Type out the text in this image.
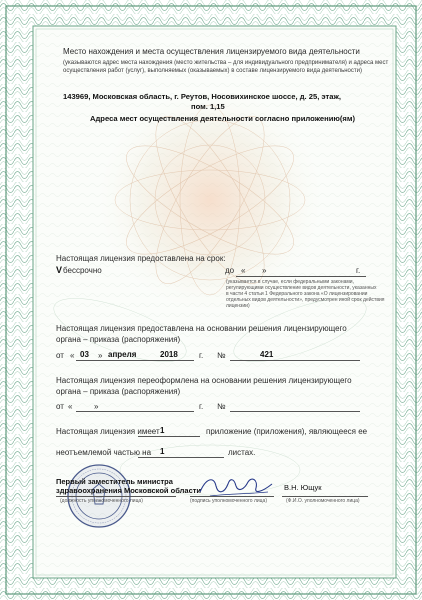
Место нахождения и места осуществления лицензируемого вида деятельности
(указываются адрес места нахождения (место жительства – для индивидуального предпринимателя) и адреса мест
осуществления работ (услуг), выполняемых (оказываемых) в составе лицензируемого вида деятельности)
143969, Московская область, г. Реутов, Носовихинское шоссе, д. 25, этаж,
пом. 1,15
Адреса мест осуществления деятельности согласно приложению(ям)
Настоящая лицензия предоставлена на срок:
V бессрочно	до « »	г.
(указывается в случае, если федеральными законами,
регулирующими осуществление видов деятельности, указанных
в части 4 статьи 1 Федерального закона «О лицензировании
отдельных видов деятельности», предусмотрен иной срок действия
лицензии)
Настоящая лицензия предоставлена на основании решения лицензирующего
органа – приказа (распоряжения)
от « 03 » апреля	2018	г. №	421
Настоящая лицензия переоформлена на основании решения лицензирующего
органа – приказа (распоряжения)
от «	»	г. №
Настоящая лицензия имеет 1	приложение (приложения), являющееся ее
неотъемлемой частью на 1	листах.
Первый заместитель министра
здравоохранения Московской области
(должность уполномоченного лица)	(подпись уполномоченного лица)
В.Н. Ющук
(Ф.И.О. уполномоченного лица)
